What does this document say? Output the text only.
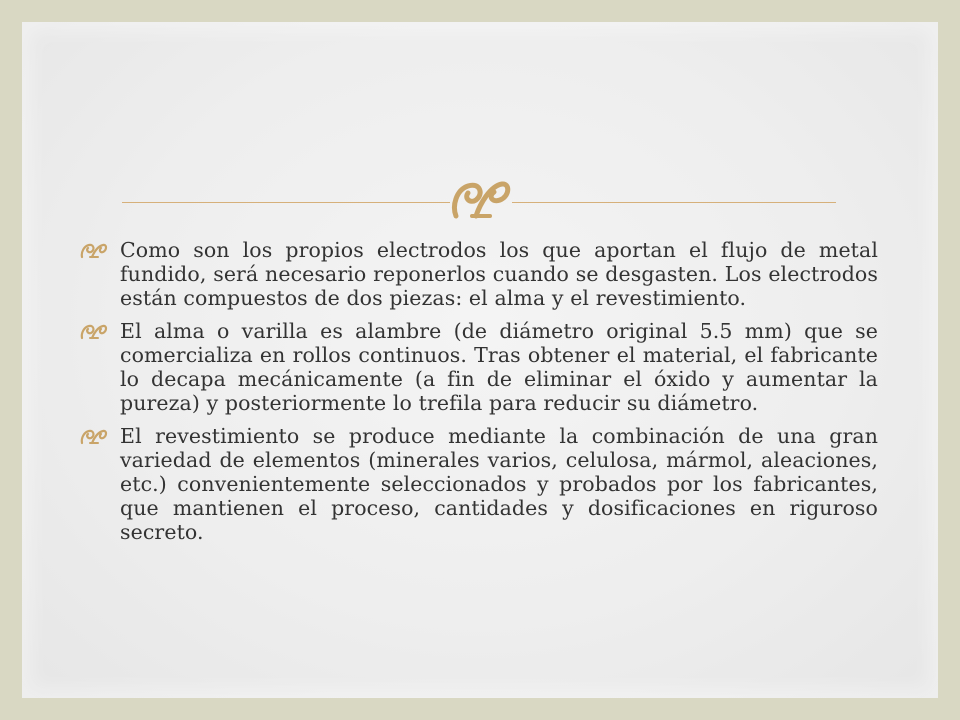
Como son los propios electrodos los que aportan el flujo de metal fundido, será necesario reponerlos cuando se desgasten. Los electrodos están compuestos de dos piezas: el alma y el revestimiento.
El alma o varilla es alambre (de diámetro original 5.5 mm) que se comercializa en rollos continuos. Tras obtener el material, el fabricante lo decapa mecánicamente (a fin de eliminar el óxido y aumentar la pureza) y posteriormente lo trefila para reducir su diámetro.
El revestimiento se produce mediante la combinación de una gran variedad de elementos (minerales varios, celulosa, mármol, aleaciones, etc.) convenientemente seleccionados y probados por los fabricantes, que mantienen el proceso, cantidades y dosificaciones en riguroso secreto.
